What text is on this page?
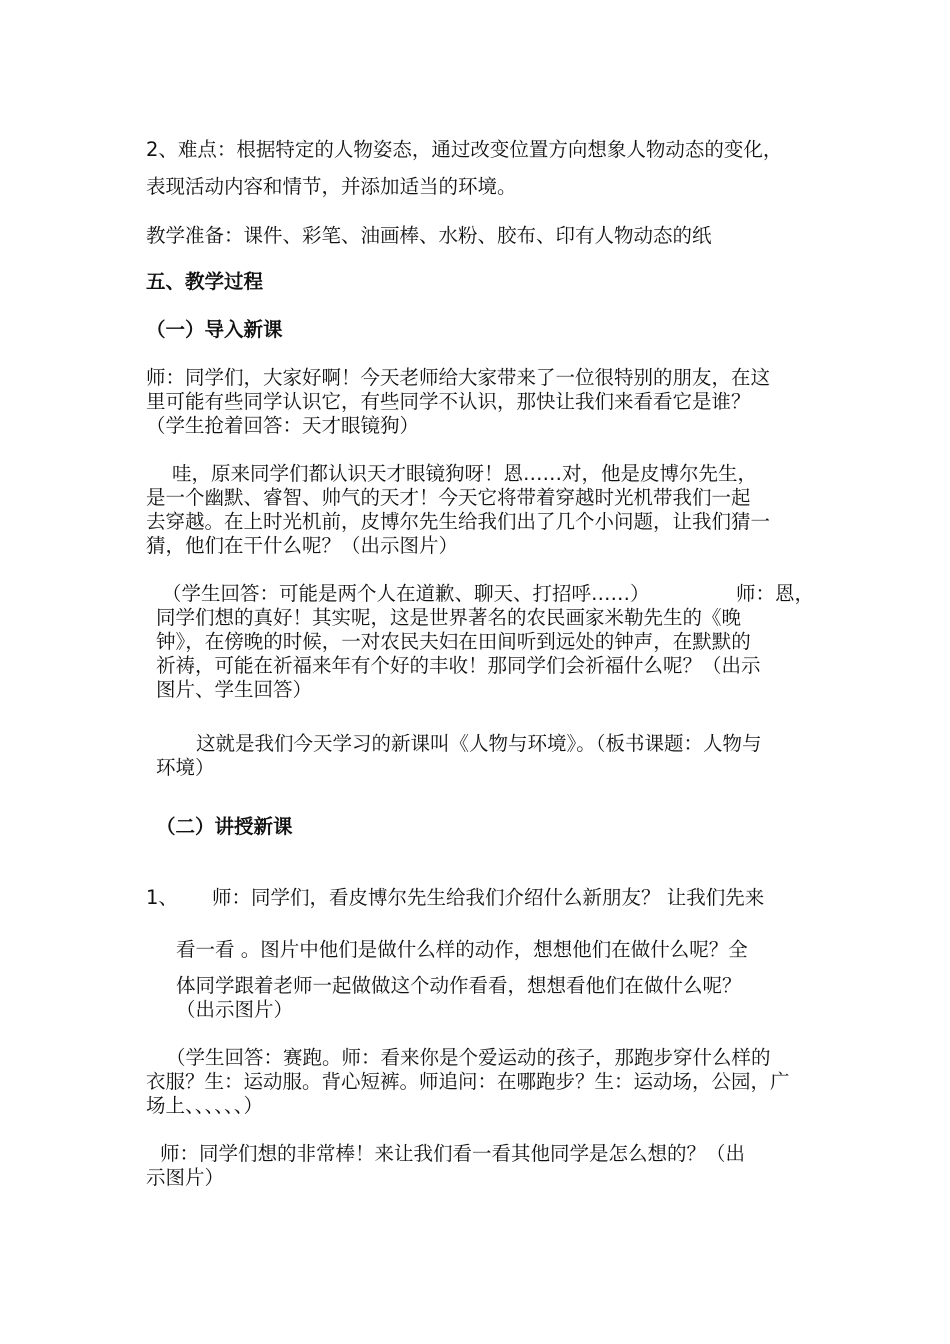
2、难点：根据特定的人物姿态，通过改变位置方向想象人物动态的变化，
表现活动内容和情节，并添加适当的环境。
教学准备：课件、彩笔、油画棒、水粉、胶布、印有人物动态的纸
五、教学过程
（一）导入新课
师：同学们，大家好啊！今天老师给大家带来了一位很特别的朋友，在这
里可能有些同学认识它，有些同学不认识，那快让我们来看看它是谁？
（学生抢着回答：天才眼镜狗）
哇，原来同学们都认识天才眼镜狗呀！恩……对，他是皮博尔先生，
是一个幽默、睿智、帅气的天才！今天它将带着穿越时光机带我们一起
去穿越。在上时光机前，皮博尔先生给我们出了几个小问题，让我们猜一
猜，他们在干什么呢？（出示图片）
（学生回答：可能是两个人在道歉、聊天、打招呼……）	师：恩，
同学们想的真好！其实呢，这是世界著名的农民画家米勒先生的《晚
钟》，在傍晚的时候，一对农民夫妇在田间听到远处的钟声，在默默的
祈祷，可能在祈福来年有个好的丰收！那同学们会祈福什么呢？（出示
图片、学生回答）
这就是我们今天学习的新课叫《人物与环境》。（板书课题：人物与
环境）
（二）讲授新课
1、 师：同学们，看皮博尔先生给我们介绍什么新朋友？ 让我们先来
看一看 。图片中他们是做什么样的动作，想想他们在做什么呢？全
体同学跟着老师一起做做这个动作看看，想想看他们在做什么呢？
（出示图片）
（学生回答：赛跑。师：看来你是个爱运动的孩子，那跑步穿什么样的
衣服？生：运动服。背心短裤。师追问：在哪跑步？生：运动场，公园，广
场上、、、、、、）
师：同学们想的非常棒！来让我们看一看其他同学是怎么想的？（出
示图片）
